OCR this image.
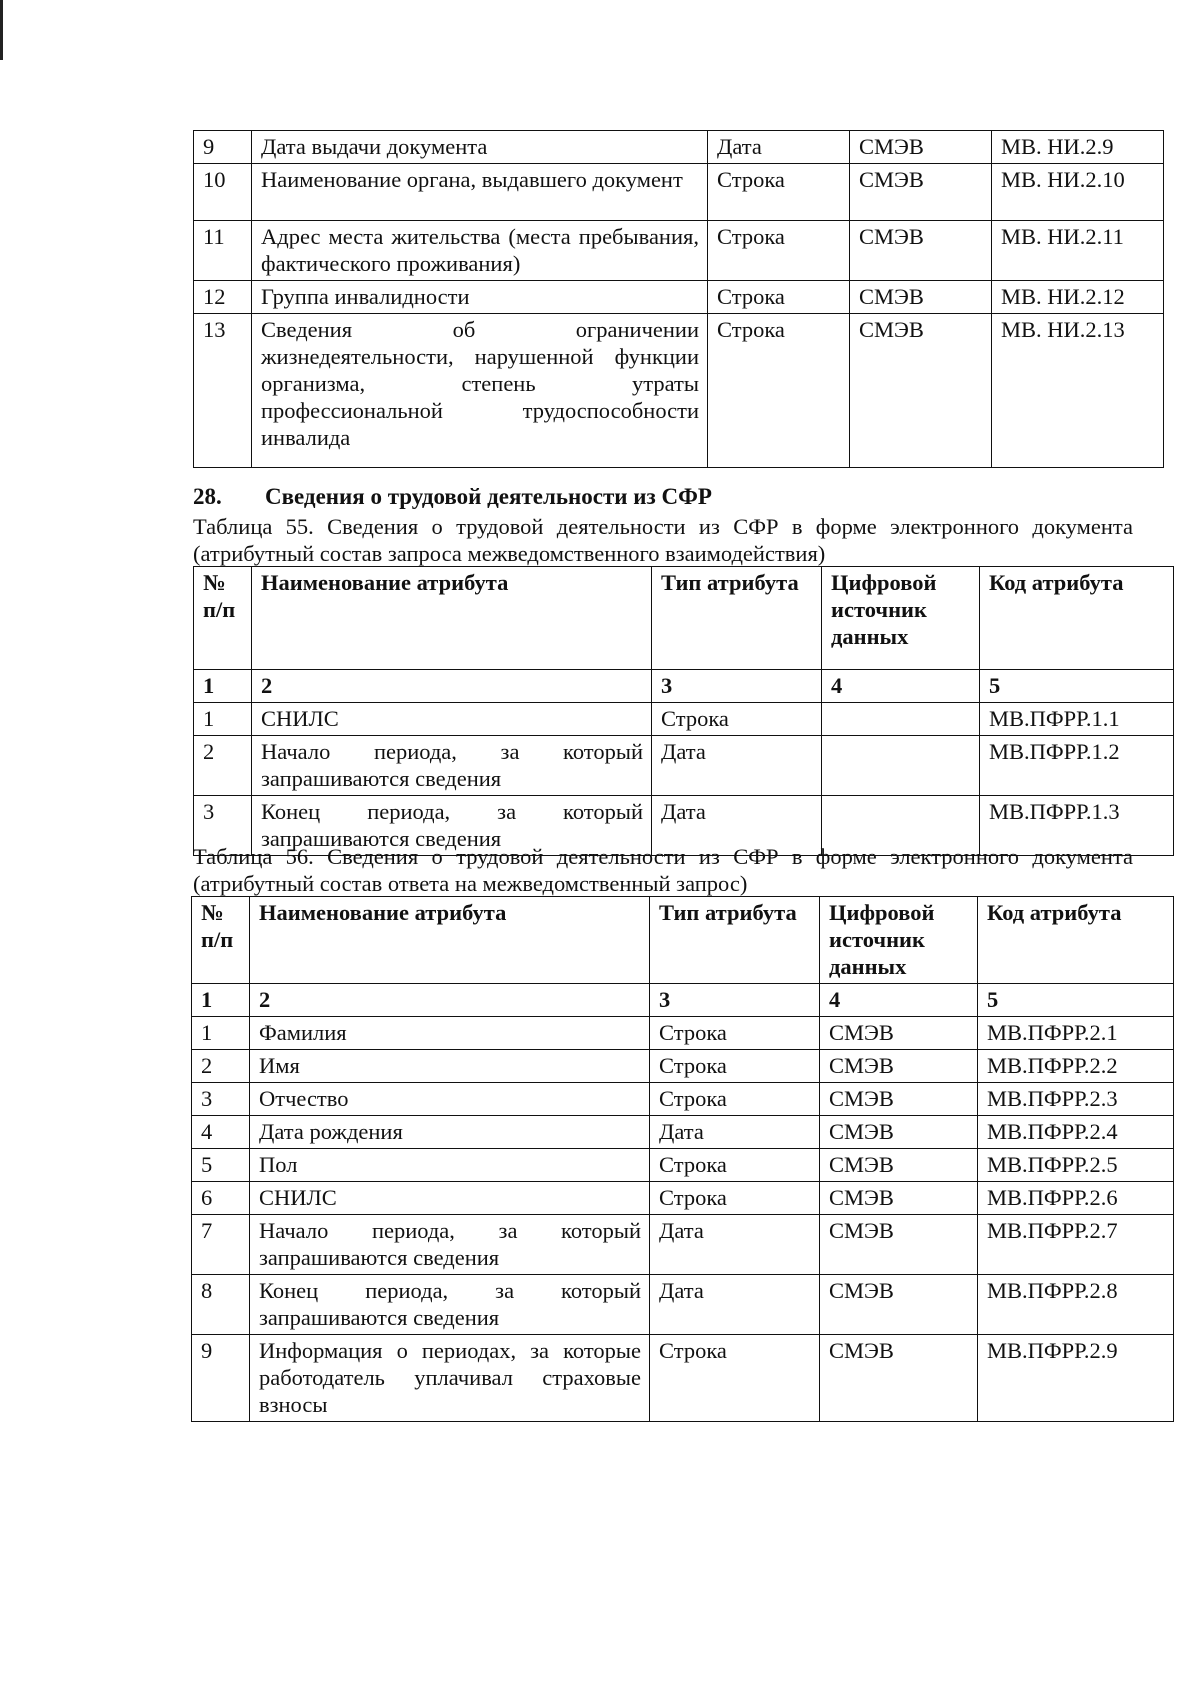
9	Дата выдачи документа	Дата	СМЭВ	МВ. НИ.2.9
10	Наименование органа, выдавшего документ	Строка	СМЭВ	МВ. НИ.2.10
11	Адрес места жительства (места пребывания, фактического проживания)	Строка	СМЭВ	МВ. НИ.2.11
12	Группа инвалидности	Строка	СМЭВ	МВ. НИ.2.12
13	Сведения об ограничении жизнедеятельности, нарушенной функции организма, степень утраты профессиональной трудоспособности инвалида	Строка	СМЭВ	МВ. НИ.2.13
28. Сведения о трудовой деятельности из СФР
Таблица 55. Сведения о трудовой деятельности из СФР в форме электронного документа (атрибутный состав запроса межведомственного взаимодействия)
№ п/п	Наименование атрибута	Тип атрибута	Цифровой источник данных	Код атрибута
1	2	3	4	5
1	СНИЛС	Строка		МВ.ПФРР.1.1
2	Начало периода, за который запрашиваются сведения	Дата		МВ.ПФРР.1.2
3	Конец периода, за который запрашиваются сведения	Дата		МВ.ПФРР.1.3
Таблица 56. Сведения о трудовой деятельности из СФР в форме электронного документа (атрибутный состав ответа на межведомственный запрос)
№ п/п	Наименование атрибута	Тип атрибута	Цифровой источник данных	Код атрибута
1	2	3	4	5
1	Фамилия	Строка	СМЭВ	МВ.ПФРР.2.1
2	Имя	Строка	СМЭВ	МВ.ПФРР.2.2
3	Отчество	Строка	СМЭВ	МВ.ПФРР.2.3
4	Дата рождения	Дата	СМЭВ	МВ.ПФРР.2.4
5	Пол	Строка	СМЭВ	МВ.ПФРР.2.5
6	СНИЛС	Строка	СМЭВ	МВ.ПФРР.2.6
7	Начало периода, за который запрашиваются сведения	Дата	СМЭВ	МВ.ПФРР.2.7
8	Конец периода, за который запрашиваются сведения	Дата	СМЭВ	МВ.ПФРР.2.8
9	Информация о периодах, за которые работодатель уплачивал страховые взносы	Строка	СМЭВ	МВ.ПФРР.2.9
